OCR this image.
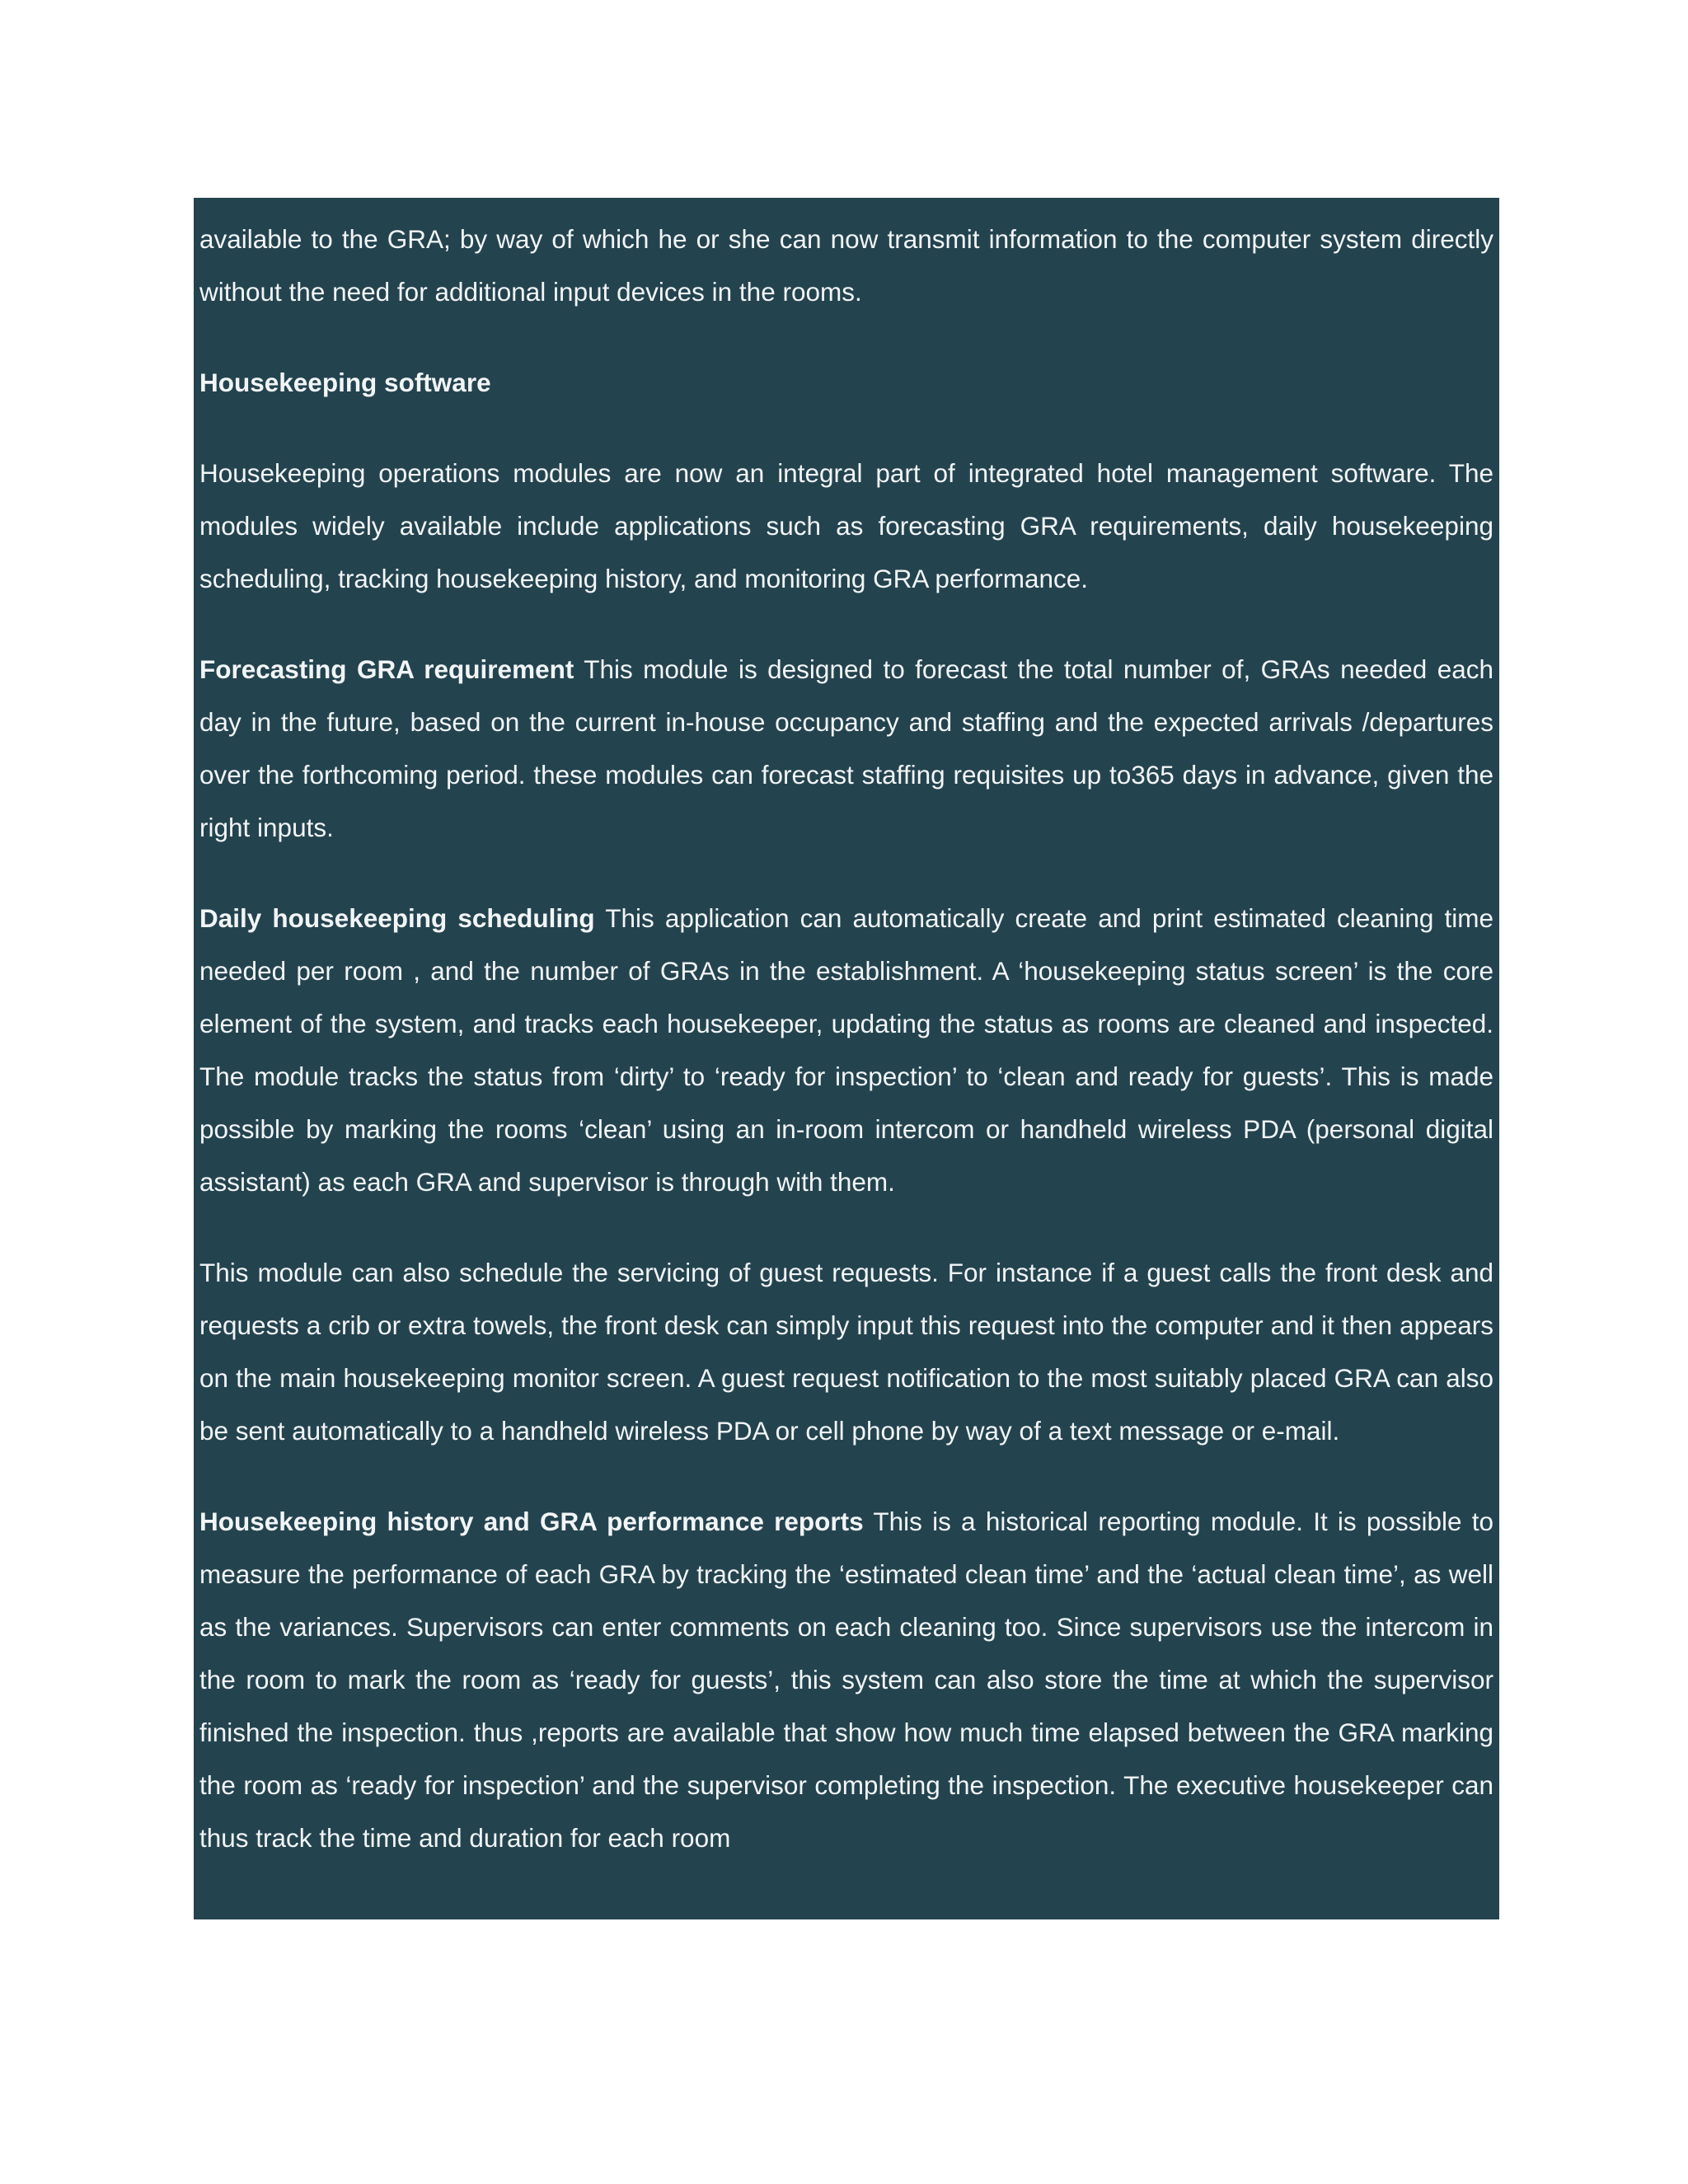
available to the GRA; by way of which he or she can now transmit information to the computer system directly without the need for additional input devices in the rooms.

Housekeeping software

Housekeeping operations modules are now an integral part of integrated hotel management software. The modules widely available include applications such as forecasting GRA requirements, daily housekeeping scheduling, tracking housekeeping history, and monitoring GRA performance.

Forecasting GRA requirement This module is designed to forecast the total number of, GRAs needed each day in the future, based on the current in-house occupancy and staffing and the expected arrivals /departures over the forthcoming period. these modules can forecast staffing requisites up to365 days in advance, given the right inputs.

Daily housekeeping scheduling This application can automatically create and print estimated cleaning time needed per room , and the number of GRAs in the establishment. A ‘housekeeping status screen’ is the core element of the system, and tracks each housekeeper, updating the status as rooms are cleaned and inspected. The module tracks the status from ‘dirty’ to ‘ready for inspection’ to ‘clean and ready for guests’. This is made possible by marking the rooms ‘clean’ using an in-room intercom or handheld wireless PDA (personal digital assistant) as each GRA and supervisor is through with them.

This module can also schedule the servicing of guest requests. For instance if a guest calls the front desk and requests a crib or extra towels, the front desk can simply input this request into the computer and it then appears on the main housekeeping monitor screen. A guest request notification to the most suitably placed GRA can also be sent automatically to a handheld wireless PDA or cell phone by way of a text message or e-mail.

Housekeeping history and GRA performance reports This is a historical reporting module. It is possible to measure the performance of each GRA by tracking the ‘estimated clean time’ and the ‘actual clean time’, as well as the variances. Supervisors can enter comments on each cleaning too. Since supervisors use the intercom in the room to mark the room as ‘ready for guests’, this system can also store the time at which the supervisor finished the inspection. thus ,reports are available that show how much time elapsed between the GRA marking the room as ‘ready for inspection’ and the supervisor completing the inspection. The executive housekeeper can thus track the time and duration for each room
